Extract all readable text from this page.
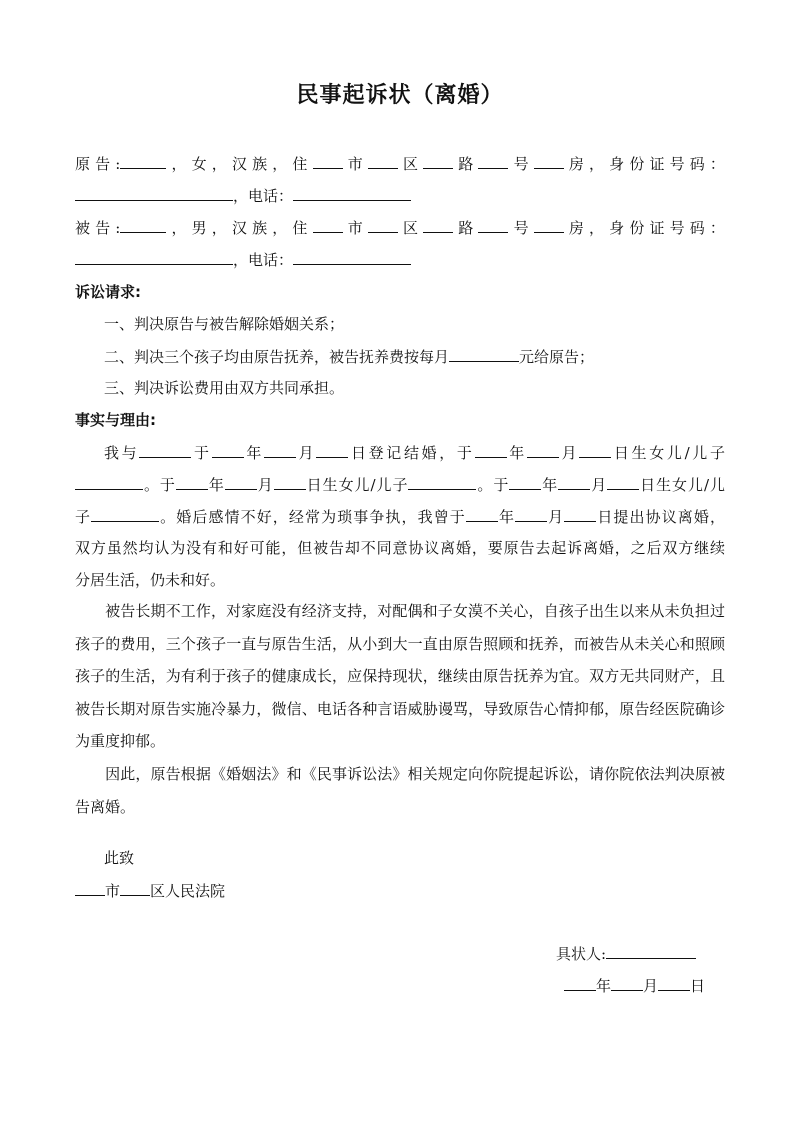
民事起诉状（离婚）
原告:	，女，汉族，住 市 区 路 号 房，身份证号码：
，电话：
被告:	，男，汉族，住 市 区 路 号 房，身份证号码：
，电话：
诉讼请求:
一、判决原告与被告解除婚姻关系；
二、判决三个孩子均由原告抚养，被告抚养费按每月	元给原告；
三、判决诉讼费用由双方共同承担。
事实与理由:
我与	于 年 月 日登记结婚，于 年 月 日生女儿/儿子
。于 年 月 日生女儿/儿子	。于 年 月 日生女儿/儿
子	。婚后感情不好，经常为琐事争执，我曾于 年 月 日提出协议离婚，
双方虽然均认为没有和好可能，但被告却不同意协议离婚，要原告去起诉离婚，之后双方继续
分居生活，仍未和好。
被告长期不工作，对家庭没有经济支持，对配偶和子女漠不关心，自孩子出生以来从未负担过孩子的费用，三个孩子一直与原告生活，从小到大一直由原告照顾和抚养，而被告从未关心和照顾孩子的生活，为有利于孩子的健康成长，应保持现状，继续由原告抚养为宜。双方无共同财产，且被告长期对原告实施冷暴力，微信、电话各种言语威胁谩骂，导致原告心情抑郁，原告经医院确诊为重度抑郁。
因此，原告根据《婚姻法》和《民事诉讼法》相关规定向你院提起诉讼，请你院依法判决原被告离婚。
此致
市 区人民法院
具状人:
年 月 日
